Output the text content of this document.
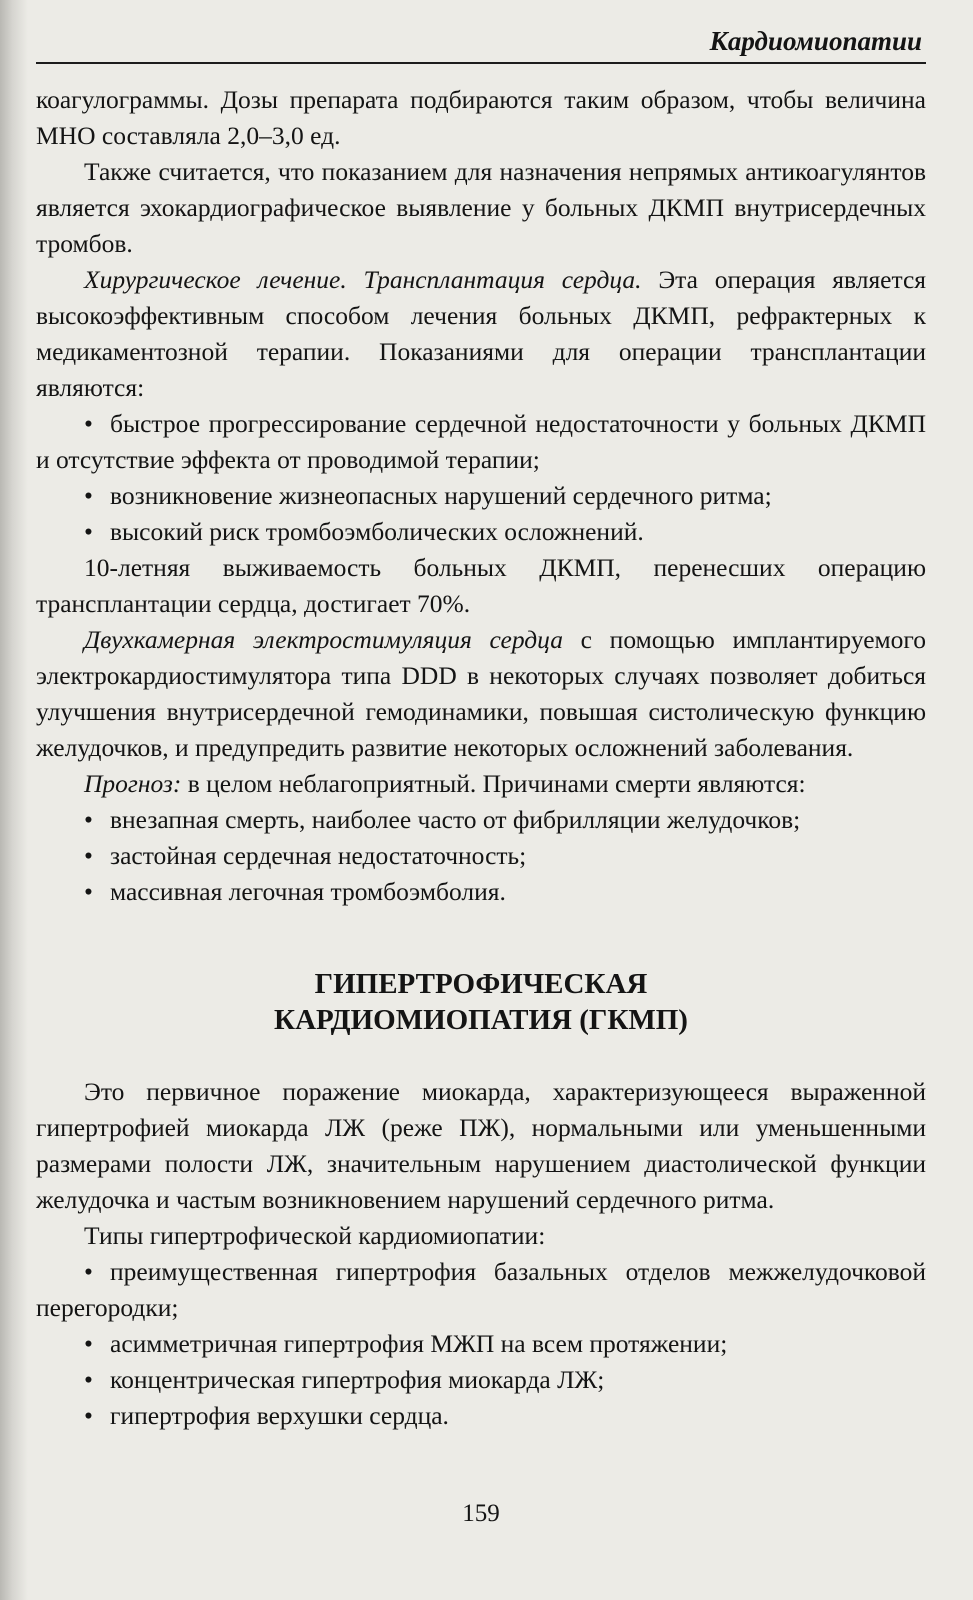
Кардиомиопатии

коагулограммы. Дозы препарата подбираются таким образом, чтобы величина МНО составляла 2,0–3,0 ед.

Также считается, что показанием для назначения непрямых антикоагулянтов является эхокардиографическое выявление у больных ДКМП внутрисердечных тромбов.

Хирургическое лечение. Трансплантация сердца. Эта операция является высокоэффективным способом лечения больных ДКМП, рефрактерных к медикаментозной терапии. Показаниями для операции трансплантации являются:

• быстрое прогрессирование сердечной недостаточности у больных ДКМП и отсутствие эффекта от проводимой терапии;

• возникновение жизнеопасных нарушений сердечного ритма;

• высокий риск тромбоэмболических осложнений.

10-летняя выживаемость больных ДКМП, перенесших операцию трансплантации сердца, достигает 70%.

Двухкамерная электростимуляция сердца с помощью имплантируемого электрокардиостимулятора типа DDD в некоторых случаях позволяет добиться улучшения внутрисердечной гемодинамики, повышая систолическую функцию желудочков, и предупредить развитие некоторых осложнений заболевания.

Прогноз: в целом неблагоприятный. Причинами смерти являются:

• внезапная смерть, наиболее часто от фибрилляции желудочков;

• застойная сердечная недостаточность;

• массивная легочная тромбоэмболия.

ГИПЕРТРОФИЧЕСКАЯ
КАРДИОМИОПАТИЯ (ГКМП)

Это первичное поражение миокарда, характеризующееся выраженной гипертрофией миокарда ЛЖ (реже ПЖ), нормальными или уменьшенными размерами полости ЛЖ, значительным нарушением диастолической функции желудочка и частым возникновением нарушений сердечного ритма.

Типы гипертрофической кардиомиопатии:

• преимущественная гипертрофия базальных отделов межжелудочковой перегородки;

• асимметричная гипертрофия МЖП на всем протяжении;

• концентрическая гипертрофия миокарда ЛЖ;

• гипертрофия верхушки сердца.

159
